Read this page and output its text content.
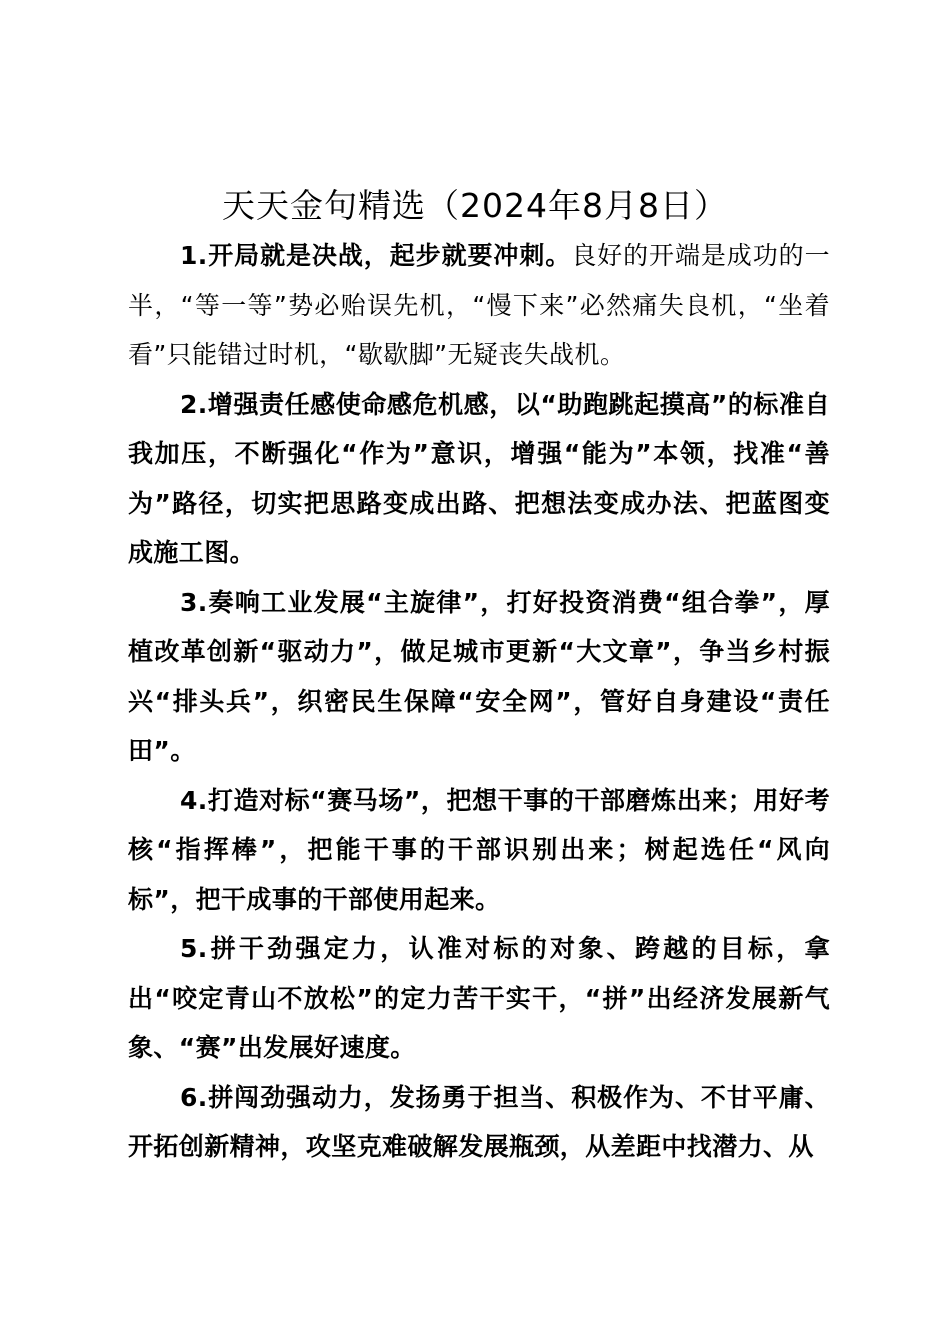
天天金句精选（2024年8月8日）

1.开局就是决战，起步就要冲刺。良好的开端是成功的一半，“等一等”势必贻误先机，“慢下来”必然痛失良机，“坐着看”只能错过时机，“歇歇脚”无疑丧失战机。

2.增强责任感使命感危机感，以“助跑跳起摸高”的标准自我加压，不断强化“作为”意识，增强“能为”本领，找准“善为”路径，切实把思路变成出路、把想法变成办法、把蓝图变成施工图。

3.奏响工业发展“主旋律”，打好投资消费“组合拳”，厚植改革创新“驱动力”，做足城市更新“大文章”，争当乡村振兴“排头兵”，织密民生保障“安全网”，管好自身建设“责任田”。

4.打造对标“赛马场”，把想干事的干部磨炼出来；用好考核“指挥棒”，把能干事的干部识别出来；树起选任“风向标”，把干成事的干部使用起来。

5.拼干劲强定力，认准对标的对象、跨越的目标，拿出“咬定青山不放松”的定力苦干实干，“拼”出经济发展新气象、“赛”出发展好速度。

6.拼闯劲强动力，发扬勇于担当、积极作为、不甘平庸、开拓创新精神，攻坚克难破解发展瓶颈，从差距中找潜力、从
